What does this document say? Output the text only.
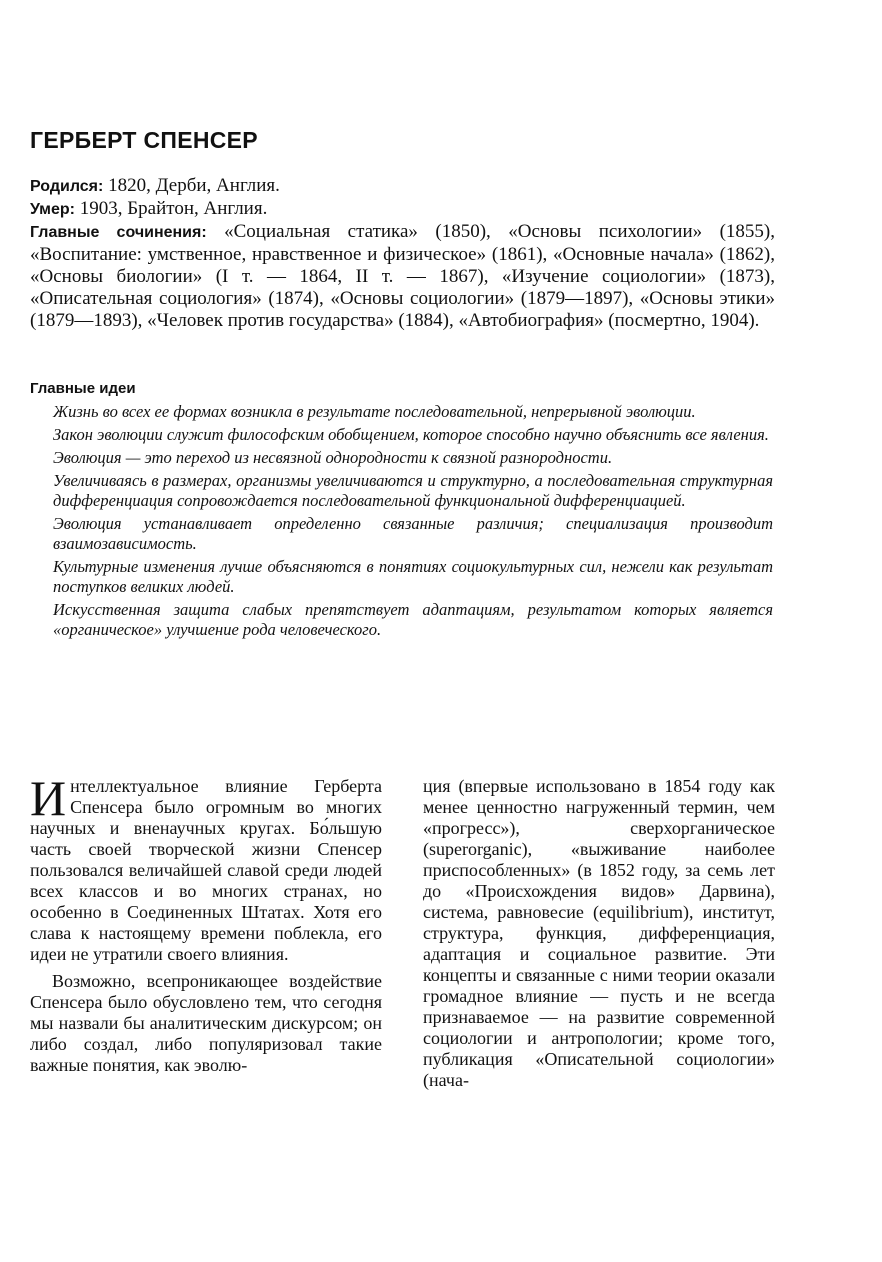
ГЕРБЕРТ СПЕНСЕР

Родился: 1820, Дерби, Англия.

Умер: 1903, Брайтон, Англия.

Главные сочинения: «Социальная статика» (1850), «Основы психологии» (1855), «Воспитание: умственное, нравственное и физическое» (1861), «Основные начала» (1862), «Основы биологии» (I т. — 1864, II т. — 1867), «Изучение социологии» (1873), «Описательная социология» (1874), «Основы социологии» (1879—1897), «Основы этики» (1879—1893), «Человек против государства» (1884), «Автобиография» (посмертно, 1904).

Главные идеи
Жизнь во всех ее формах возникла в результате последовательной, непрерывной эволюции.
Закон эволюции служит философским обобщением, которое способно научно объяснить все явления.
Эволюция — это переход из несвязной однородности к связной разнородности.
Увеличиваясь в размерах, организмы увеличиваются и структурно, а последовательная структурная дифференциация сопровождается последовательной функциональной дифференциацией.
Эволюция устанавливает определенно связанные различия; специализация производит взаимозависимость.
Культурные изменения лучше объясняются в понятиях социокультурных сил, нежели как результат поступков великих людей.
Искусственная защита слабых препятствует адаптациям, результатом которых является «органическое» улучшение рода человеческого.

Интеллектуальное влияние Герберта Спенсера было огромным во многих научных и вненаучных кругах. Бо́льшую часть своей творческой жизни Спенсер пользовался величайшей славой среди людей всех классов и во многих странах, но особенно в Соединенных Штатах. Хотя его слава к настоящему времени поблекла, его идеи не утратили своего влияния.

Возможно, всепроникающее воздействие Спенсера было обусловлено тем, что сегодня мы назвали бы аналитическим дискурсом; он либо создал, либо популяризовал такие важные понятия, как эволю-

ция (впервые использовано в 1854 году как менее ценностно нагруженный термин, чем «прогресс»), сверхорганическое (superorganic), «выживание наиболее приспособленных» (в 1852 году, за семь лет до «Происхождения видов» Дарвина), система, равновесие (equilibrium), институт, структура, функция, дифференциация, адаптация и социальное развитие. Эти концепты и связанные с ними теории оказали громадное влияние — пусть и не всегда признаваемое — на развитие современной социологии и антропологии; кроме того, публикация «Описательной социологии» (нача-
